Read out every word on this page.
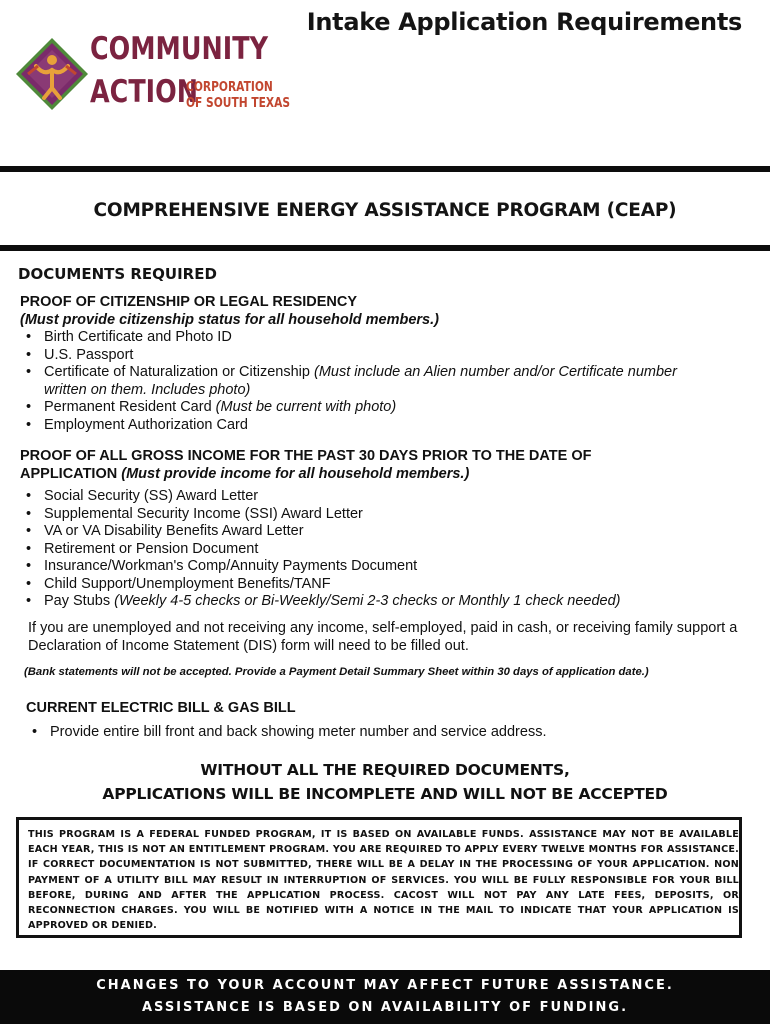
COMMUNITY
ACTION
CORPORATION
OF SOUTH TEXAS
Intake Application Requirements
COMPREHENSIVE ENERGY ASSISTANCE PROGRAM (CEAP)
DOCUMENTS REQUIRED
PROOF OF CITIZENSHIP OR LEGAL RESIDENCY
(Must provide citizenship status for all household members.)
• Birth Certificate and Photo ID
• U.S. Passport
• Certificate of Naturalization or Citizenship (Must include an Alien number and/or Certificate number written on them. Includes photo)
• Permanent Resident Card (Must be current with photo)
• Employment Authorization Card
PROOF OF ALL GROSS INCOME FOR THE PAST 30 DAYS PRIOR TO THE DATE OF APPLICATION (Must provide income for all household members.)
• Social Security (SS) Award Letter
• Supplemental Security Income (SSI) Award Letter
• VA or VA Disability Benefits Award Letter
• Retirement or Pension Document
• Insurance/Workman's Comp/Annuity Payments Document
• Child Support/Unemployment Benefits/TANF
• Pay Stubs (Weekly 4-5 checks or Bi-Weekly/Semi 2-3 checks or Monthly 1 check needed)
If you are unemployed and not receiving any income, self-employed, paid in cash, or receiving family support a Declaration of Income Statement (DIS) form will need to be filled out.
(Bank statements will not be accepted. Provide a Payment Detail Summary Sheet within 30 days of application date.)
CURRENT ELECTRIC BILL & GAS BILL
• Provide entire bill front and back showing meter number and service address.
WITHOUT ALL THE REQUIRED DOCUMENTS,
APPLICATIONS WILL BE INCOMPLETE AND WILL NOT BE ACCEPTED
THIS PROGRAM IS A FEDERAL FUNDED PROGRAM, IT IS BASED ON AVAILABLE FUNDS. ASSISTANCE MAY NOT BE AVAILABLE EACH YEAR, THIS IS NOT AN ENTITLEMENT PROGRAM. YOU ARE REQUIRED TO APPLY EVERY TWELVE MONTHS FOR ASSISTANCE. IF CORRECT DOCUMENTATION IS NOT SUBMITTED, THERE WILL BE A DELAY IN THE PROCESSING OF YOUR APPLICATION. NON PAYMENT OF A UTILITY BILL MAY RESULT IN INTERRUPTION OF SERVICES. YOU WILL BE FULLY RESPONSIBLE FOR YOUR BILL BEFORE, DURING AND AFTER THE APPLICATION PROCESS. CACOST WILL NOT PAY ANY LATE FEES, DEPOSITS, OR RECONNECTION CHARGES. YOU WILL BE NOTIFIED WITH A NOTICE IN THE MAIL TO INDICATE THAT YOUR APPLICATION IS APPROVED OR DENIED.
CHANGES TO YOUR ACCOUNT MAY AFFECT FUTURE ASSISTANCE.
ASSISTANCE IS BASED ON AVAILABILITY OF FUNDING.
